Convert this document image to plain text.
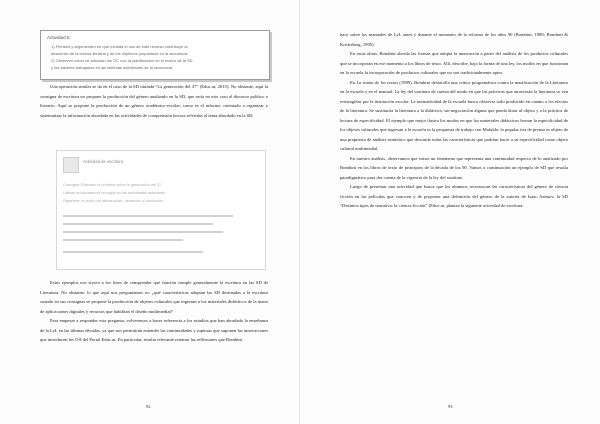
Actividad 5:
1) Piensen y argumenten en qué medida el uso de este recurso contribuye al
desarrollo de la lectura literaria y de los objetivos propuestos en la secuencia.
2) Observen cómo se articulan las TIC con la planificación en el marco de la SD
y los saberes trabajados en las distintas actividades de la secuencia.

Una operación similar se da en el caso de la SD titulada “La generación del 37” (Educ.ar, 2015). No obstante, aquí la consigna de escritura no propone la producción del género analizado en la SD, que sería en este caso el discurso político o literario. Aquí se propone la producción de un género académico-escolar, como es el informe, orientado a organizar y sistematizar la información abordada en las actividades de comprensión lectora referidas al tema abordado en la SD.

Actividad de escritura
Consigna: Elaboren un informe sobre la generación del 37.
Utilicen la información recogida en las actividades anteriores.
Organicen el texto con introducción, desarrollo y conclusión.

Estos ejemplos nos sirven a los fines de comprender qué función cumple generalmente la escritura en las SD de Literatura. No obstante, lo que aquí nos preguntamos es: ¿qué características adoptan las SD destinadas a la escritura cuando en sus consignas se propone la producción de objetos culturales que ingresan a los materiales didácticos de la mano de aplicaciones digitales y recursos que habilitan el diseño multimedial?

Para empezar a responder esta pregunta, volveremos a hacer referencia a los estudios que han abordado la enseñanza de la LyL en las últimas décadas, ya que nos permitirán entender las continuidades y rupturas que suponen las innovaciones que introducen los OA del Portal Educ.ar. En particular, resulta relevante retomar las reflexiones que Bombini

92

hace sobre los manuales de LyL antes y durante el momento de la reforma de los años 90 (Bombini, 1989; Bombini & Krickeberg, 1995).

En estas obras, Bombini aborda las formas que adopta la innovación a partir del análisis de los productos culturales que se incorporan en ese momento a los libros de texto. Allí, describe, bajo la forma de una ley, los modos en que funcionan en la escuela la incorporación de productos culturales que no son tradicionalmente aptos.

En La trama de los textos (1989), Bombini desarrolla una crítica programática contra la masificación de la Literatura en la escuela y en el manual. La ley del sustituto da cuenta del modo en que las prácticas que atraviesan la literatura se ven restringidas por la institución escolar. La normatividad de la escuela busca observar todo producido en cuanto a los efectos de la literatura. Se sustituiría la literatura a la didáctica, sin negociación alguna que pueda dotar al objeto y a la práctica de lectura de especificidad. El ejemplo que mejor ilustra los modos en que los materiales didácticos borran la especificidad de los objetos culturales que ingresan a la escuela es la propuesta de trabajo con Mafalda: la popular tira de prensa es objeto de una propuesta de análisis semiótico que descuida todas las características que podrían hacer a su especificidad como objeto cultural multimedial.

En nuestro análisis, observamos que existe un fenómeno que representa una continuidad respecto de lo analizado por Bombini en los libros de texto de principios de la década de los 90. Vamos a continuación un ejemplo de SD que resulta paradigmático para dar cuenta de la vigencia de la ley del sustituto.

Luego de presentar una actividad que busca que los alumnos reconozcan las características del género de ciencia ficción en las películas que conocen y de proponer una definición del género de la autoría de Isaac Asimov, la SD “Distintos tipos de narrativa: la ciencia ficción” (Educ.ar, plantea la siguiente actividad de escritura:

93
